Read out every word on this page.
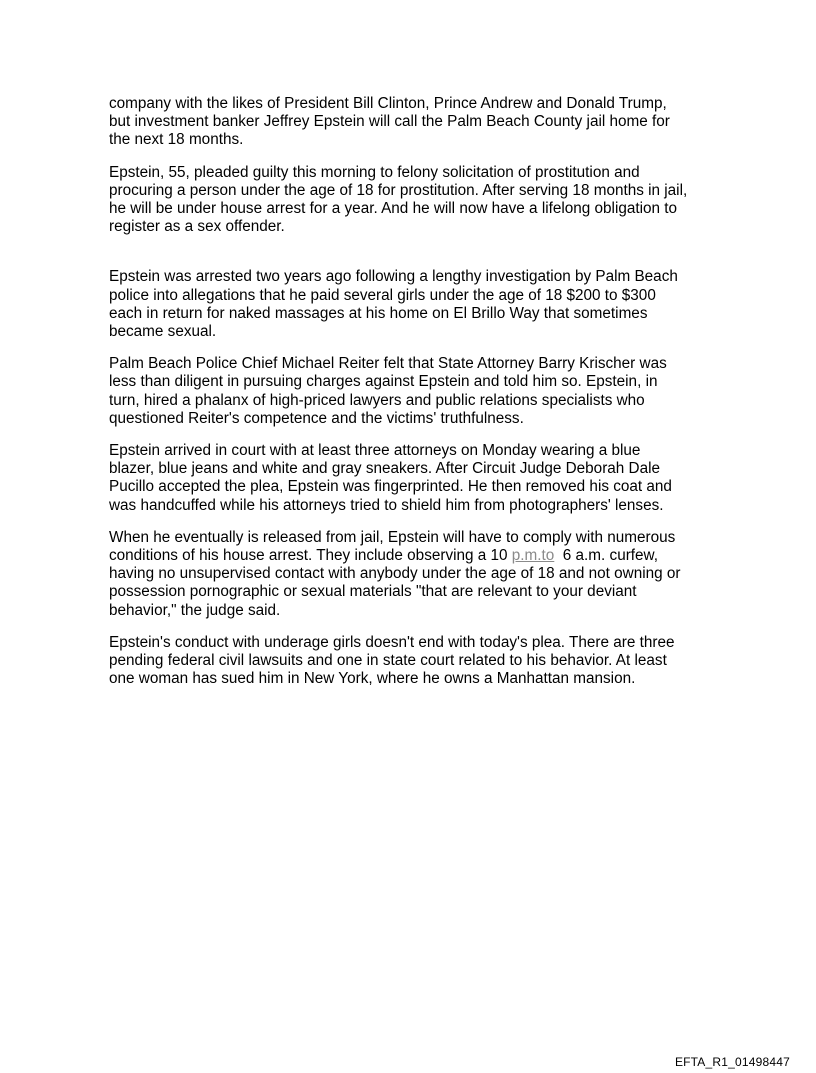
company with the likes of President Bill Clinton, Prince Andrew and Donald Trump,
but investment banker Jeffrey Epstein will call the Palm Beach County jail home for
the next 18 months.

Epstein, 55, pleaded guilty this morning to felony solicitation of prostitution and
procuring a person under the age of 18 for prostitution. After serving 18 months in jail,
he will be under house arrest for a year. And he will now have a lifelong obligation to
register as a sex offender.

Epstein was arrested two years ago following a lengthy investigation by Palm Beach
police into allegations that he paid several girls under the age of 18 $200 to $300
each in return for naked massages at his home on El Brillo Way that sometimes
became sexual.

Palm Beach Police Chief Michael Reiter felt that State Attorney Barry Krischer was
less than diligent in pursuing charges against Epstein and told him so. Epstein, in
turn, hired a phalanx of high-priced lawyers and public relations specialists who
questioned Reiter's competence and the victims' truthfulness.

Epstein arrived in court with at least three attorneys on Monday wearing a blue
blazer, blue jeans and white and gray sneakers. After Circuit Judge Deborah Dale
Pucillo accepted the plea, Epstein was fingerprinted. He then removed his coat and
was handcuffed while his attorneys tried to shield him from photographers' lenses.

When he eventually is released from jail, Epstein will have to comply with numerous
conditions of his house arrest. They include observing a 10 p.m.to  6 a.m. curfew,
having no unsupervised contact with anybody under the age of 18 and not owning or
possession pornographic or sexual materials "that are relevant to your deviant
behavior," the judge said.

Epstein's conduct with underage girls doesn't end with today's plea. There are three
pending federal civil lawsuits and one in state court related to his behavior. At least
one woman has sued him in New York, where he owns a Manhattan mansion.

EFTA_R1_01498447
